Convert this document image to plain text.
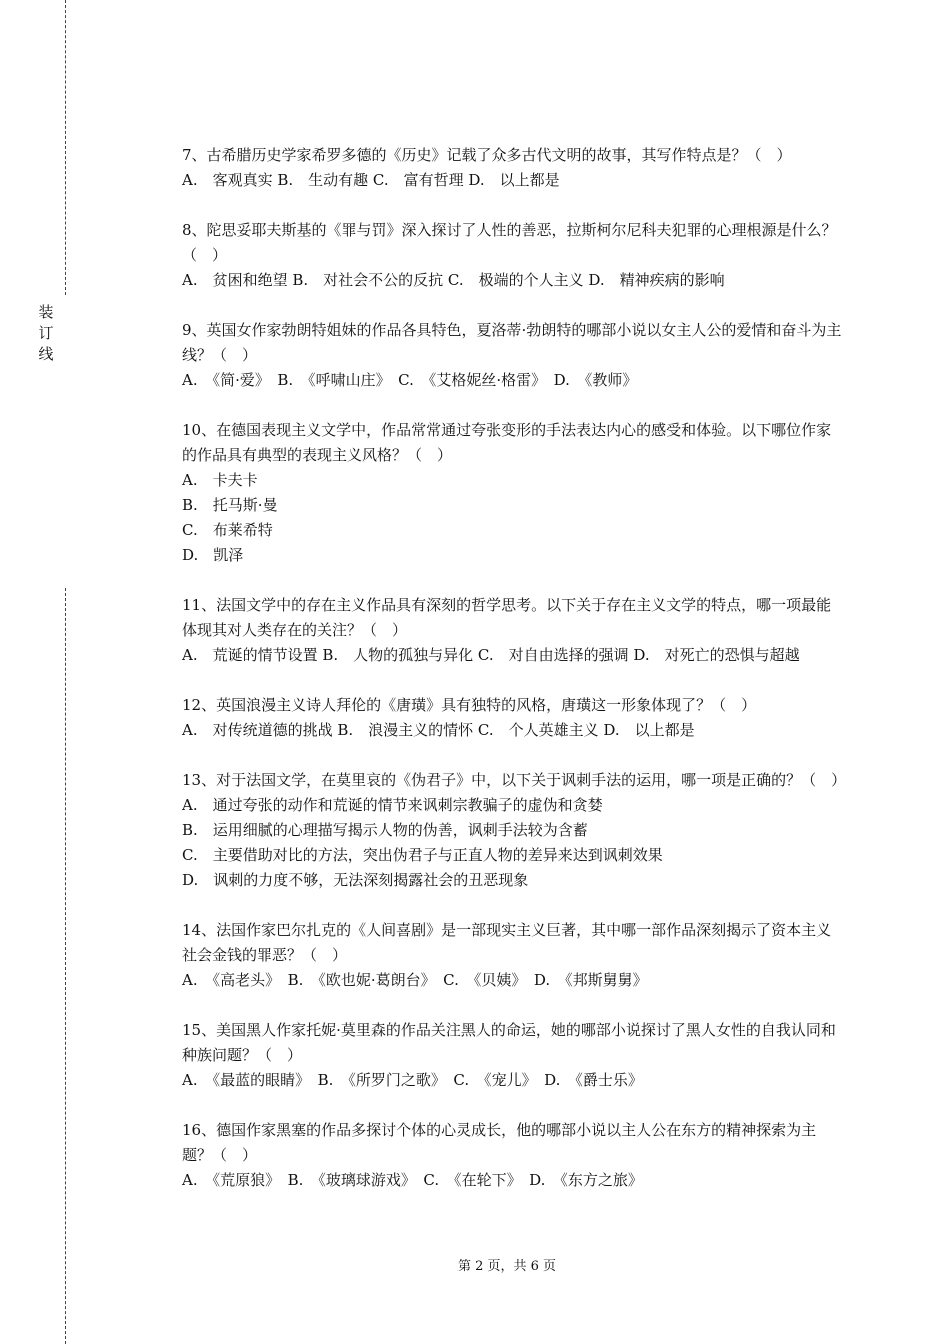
装
订
线

7、古希腊历史学家希罗多德的《历史》记载了众多古代文明的故事，其写作特点是？（　）

A.　客观真实 B.　生动有趣 C.　富有哲理 D.　以上都是

8、陀思妥耶夫斯基的《罪与罚》深入探讨了人性的善恶，拉斯柯尔尼科夫犯罪的心理根源是什么？（　）

A.　贫困和绝望 B.　对社会不公的反抗 C.　极端的个人主义 D.　精神疾病的影响

9、英国女作家勃朗特姐妹的作品各具特色，夏洛蒂·勃朗特的哪部小说以女主人公的爱情和奋斗为主线？（　）

A.　《简·爱》　B.　《呼啸山庄》　C.　《艾格妮丝·格雷》　D.　《教师》

10、在德国表现主义文学中，作品常常通过夸张变形的手法表达内心的感受和体验。以下哪位作家的作品具有典型的表现主义风格？（　）

A.　卡夫卡

B.　托马斯·曼

C.　布莱希特

D.　凯泽

11、法国文学中的存在主义作品具有深刻的哲学思考。以下关于存在主义文学的特点，哪一项最能体现其对人类存在的关注？（　）

A.　荒诞的情节设置 B.　人物的孤独与异化 C.　对自由选择的强调 D.　对死亡的恐惧与超越

12、英国浪漫主义诗人拜伦的《唐璜》具有独特的风格，唐璜这一形象体现了？（　）

A.　对传统道德的挑战 B.　浪漫主义的情怀 C.　个人英雄主义 D.　以上都是

13、对于法国文学，在莫里哀的《伪君子》中，以下关于讽刺手法的运用，哪一项是正确的？（　）

A.　通过夸张的动作和荒诞的情节来讽刺宗教骗子的虚伪和贪婪

B.　运用细腻的心理描写揭示人物的伪善，讽刺手法较为含蓄

C.　主要借助对比的方法，突出伪君子与正直人物的差异来达到讽刺效果

D.　讽刺的力度不够，无法深刻揭露社会的丑恶现象

14、法国作家巴尔扎克的《人间喜剧》是一部现实主义巨著，其中哪一部作品深刻揭示了资本主义社会金钱的罪恶？（　）

A.　《高老头》　B.　《欧也妮·葛朗台》　C.　《贝姨》　D.　《邦斯舅舅》

15、美国黑人作家托妮·莫里森的作品关注黑人的命运，她的哪部小说探讨了黑人女性的自我认同和种族问题？（　）

A.　《最蓝的眼睛》　B.　《所罗门之歌》　C.　《宠儿》　D.　《爵士乐》

16、德国作家黑塞的作品多探讨个体的心灵成长，他的哪部小说以主人公在东方的精神探索为主题？（　）

A.　《荒原狼》　B.　《玻璃球游戏》　C.　《在轮下》　D.　《东方之旅》

第 2 页，共 6 页
